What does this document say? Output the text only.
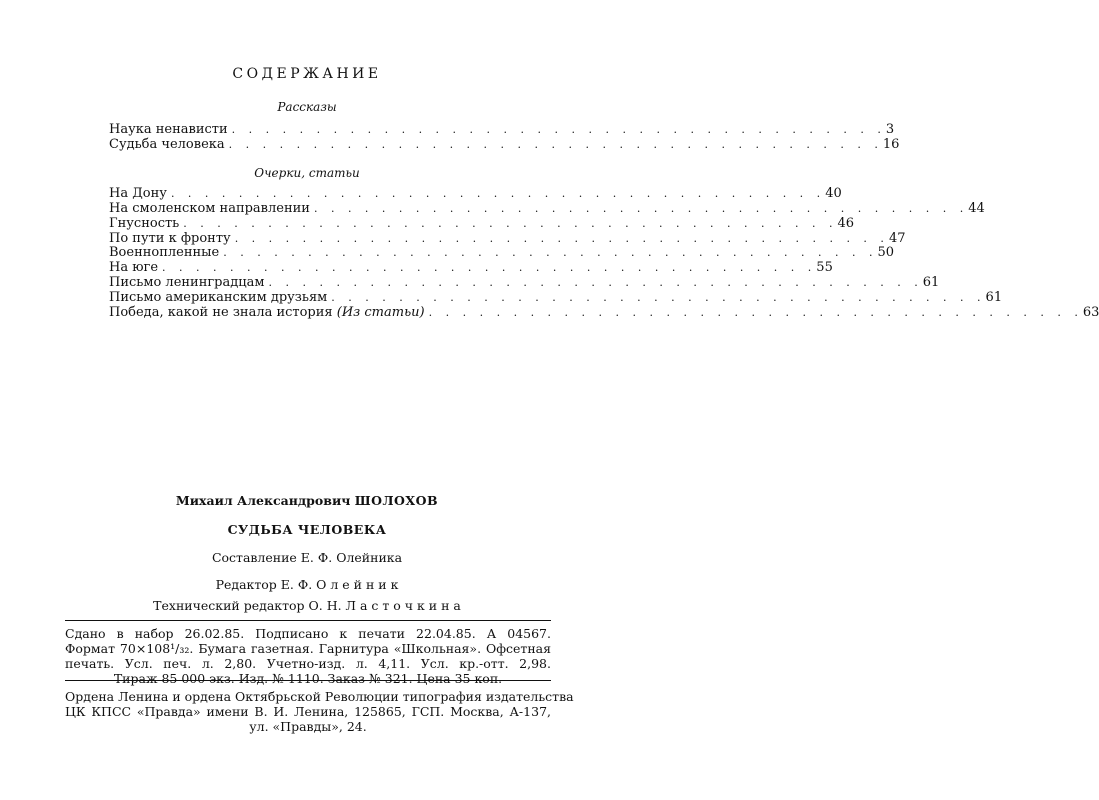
СОДЕРЖАНИЕ
Рассказы
Наука ненависти . . . . . . . . . . . . . . . . . . . . . . . . . . . . . . . . . . . . . . . 3
Судьба человека . . . . . . . . . . . . . . . . . . . . . . . . . . . . . . . . . . . . . . . 16
Очерки, статьи
На Дону . . . . . . . . . . . . . . . . . . . . . . . . . . . . . . . . . . . . . . . 40
На смоленском направлении . . . . . . . . . . . . . . . . . . . . . . . . . . . . . . . . . . . . . . . 44
Гнусность . . . . . . . . . . . . . . . . . . . . . . . . . . . . . . . . . . . . . . . 46
По пути к фронту . . . . . . . . . . . . . . . . . . . . . . . . . . . . . . . . . . . . . . . 47
Военнопленные . . . . . . . . . . . . . . . . . . . . . . . . . . . . . . . . . . . . . . . 50
На юге . . . . . . . . . . . . . . . . . . . . . . . . . . . . . . . . . . . . . . . 55
Письмо ленинградцам . . . . . . . . . . . . . . . . . . . . . . . . . . . . . . . . . . . . . . . 61
Письмо американским друзьям . . . . . . . . . . . . . . . . . . . . . . . . . . . . . . . . . . . . . . . 61
Победа, какой не знала история (Из статьи) . . . . . . . . . . . . . . . . . . . . . . . . . . . . . . . . . . . . . . . 63
Михаил Александрович ШОЛОХОВ
СУДЬБА ЧЕЛОВЕКА
Составление Е. Ф. Олейника
Редактор Е. Ф. О л е й н и к
Технический редактор О. Н. Л а с т о ч к и н а
Сдано в набор 26.02.85. Подписано к печати 22.04.85. А 04567.
Формат 70×108¹/₃₂. Бумага газетная. Гарнитура «Школьная». Офсетная
печать. Усл. печ. л. 2,80. Учетно-изд. л. 4,11. Усл. кр.-отт. 2,98.
Тираж 85 000 экз. Изд. № 1110. Заказ № 321. Цена 35 коп.
Ордена Ленина и ордена Октябрьской Революции типография издательства
ЦК КПСС «Правда» имени В. И. Ленина, 125865, ГСП. Москва, А-137,
ул. «Правды», 24.
